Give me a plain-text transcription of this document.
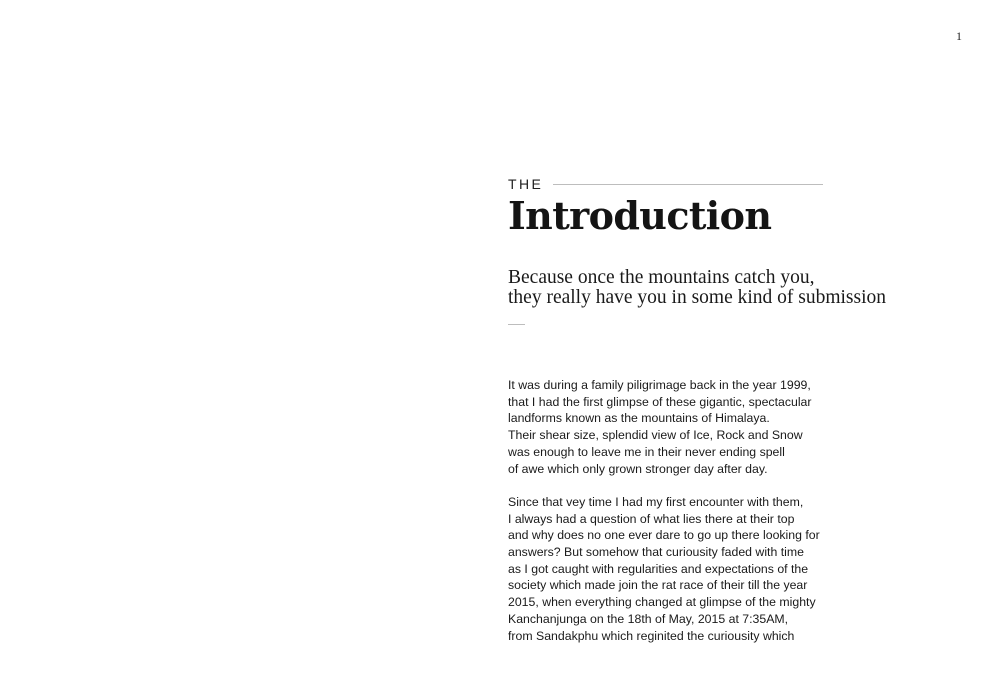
1
THE
Introduction
Because once the mountains catch you,
they really have you in some kind of submission

It was during a family piligrimage back in the year 1999,
that I had the first glimpse of these gigantic, spectacular
landforms known as the mountains of Himalaya.
Their shear size, splendid view of Ice, Rock and Snow
was enough to leave me in their never ending spell
of awe which only grown stronger day after day.

Since that vey time I had my first encounter with them,
I always had a question of what lies there at their top
and why does no one ever dare to go up there looking for
answers? But somehow that curiousity faded with time
as I got caught with regularities and expectations of the
society which made join the rat race of their till the year
2015, when everything changed at glimpse of the mighty
Kanchanjunga on the 18th of May, 2015 at 7:35AM,
from Sandakphu which reginited the curiousity which
